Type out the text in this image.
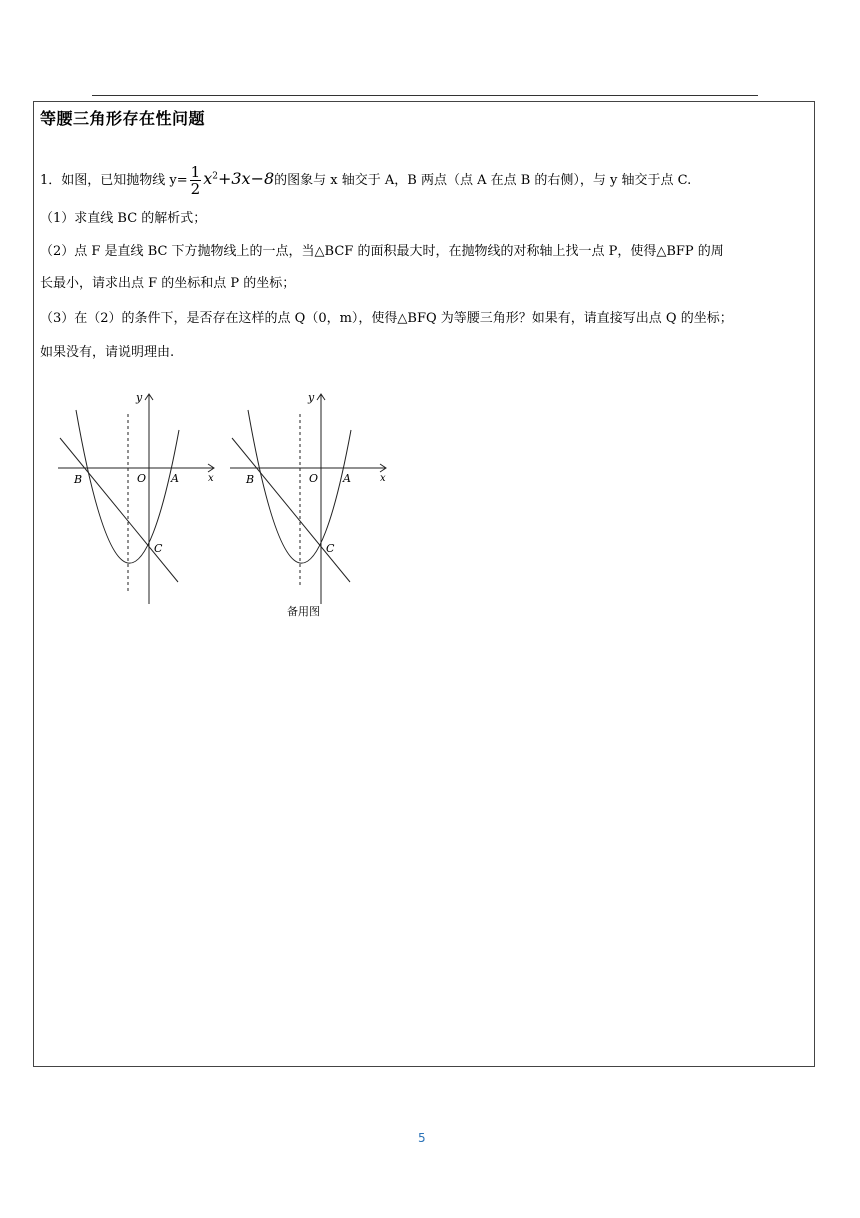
等腰三角形存在性问题
1．如图，已知抛物线 $y= \frac{1}{2} x^2+3x-8$的图象与 x 轴交于 A，B 两点（点 A 在点 B 的右侧），与 y 轴交于点 C.
（1）求直线 BC 的解析式；
（2）点 F 是直线 BC 下方抛物线上的一点，当△BCF 的面积最大时，在抛物线的对称轴上找一点 P，使得△BFP 的周
长最小，请求出点 F 的坐标和点 P 的坐标；
（3）在（2）的条件下，是否存在这样的点 Q（0，m），使得△BFQ 为等腰三角形？如果有，请直接写出点 Q 的坐标；
如果没有，请说明理由.
y
x
O A
B
C
y
x
O A
B
C
备用图
5
